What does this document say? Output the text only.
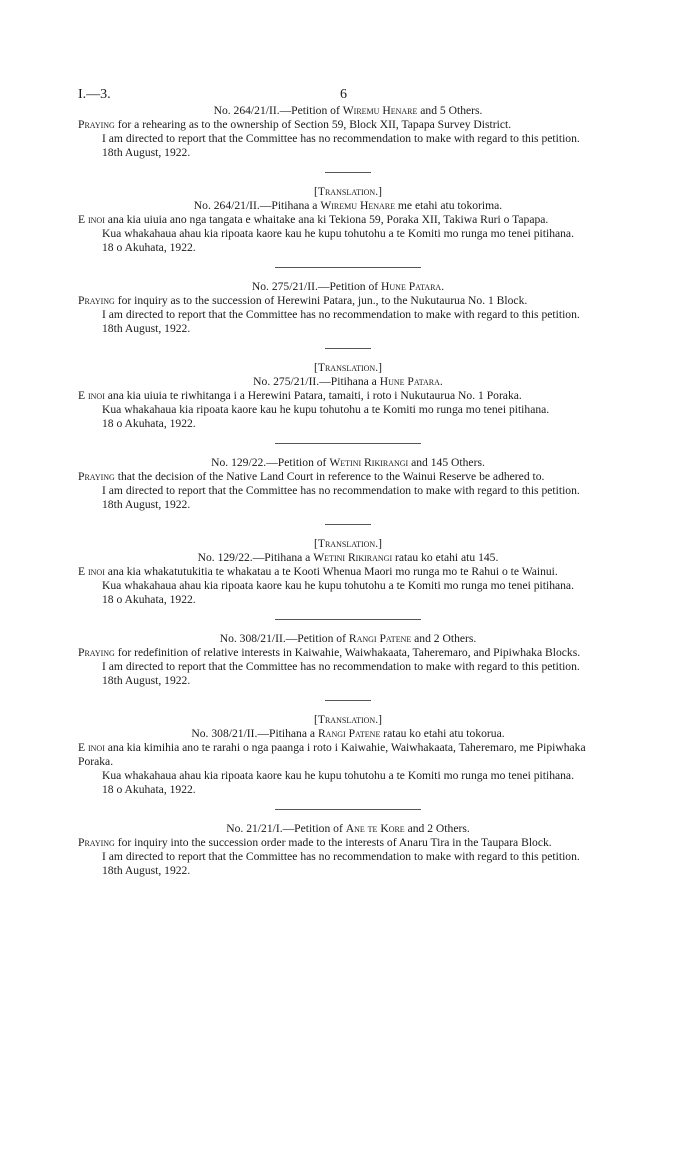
I.—3.	6

No. 264/21/II.—Petition of Wiremu Henare and 5 Others.

Praying for a rehearing as to the ownership of Section 59, Block XII, Tapapa Survey District.

I am directed to report that the Committee has no recommendation to make with regard to this petition.

18th August, 1922.

[Translation.]

No. 264/21/II.—Pitihana a Wiremu Henare me etahi atu tokorima.

E inoi ana kia uiuia ano nga tangata e whaitake ana ki Tekiona 59, Poraka XII, Takiwa Ruri o Tapapa.

Kua whakahaua ahau kia ripoata kaore kau he kupu tohutohu a te Komiti mo runga mo tenei pitihana.

18 o Akuhata, 1922.

No. 275/21/II.—Petition of Hune Patara.

Praying for inquiry as to the succession of Herewini Patara, jun., to the Nukutaurua No. 1 Block.

I am directed to report that the Committee has no recommendation to make with regard to this petition.

18th August, 1922.

[Translation.]

No. 275/21/II.—Pitihana a Hune Patara.

E inoi ana kia uiuia te riwhitanga i a Herewini Patara, tamaiti, i roto i Nukutaurua No. 1 Poraka.

Kua whakahaua kia ripoata kaore kau he kupu tohutohu a te Komiti mo runga mo tenei pitihana.

18 o Akuhata, 1922.

No. 129/22.—Petition of Wetini Rikirangi and 145 Others.

Praying that the decision of the Native Land Court in reference to the Wainui Reserve be adhered to.

I am directed to report that the Committee has no recommendation to make with regard to this petition.

18th August, 1922.

[Translation.]

No. 129/22.—Pitihana a Wetini Rikirangi ratau ko etahi atu 145.

E inoi ana kia whakatutukitia te whakatau a te Kooti Whenua Maori mo runga mo te Rahui o te Wainui.

Kua whakahaua ahau kia ripoata kaore kau he kupu tohutohu a te Komiti mo runga mo tenei pitihana.

18 o Akuhata, 1922.

No. 308/21/II.—Petition of Rangi Patene and 2 Others.

Praying for redefinition of relative interests in Kaiwahie, Waiwhakaata, Taheremaro, and Pipiwhaka Blocks.

I am directed to report that the Committee has no recommendation to make with regard to this petition.

18th August, 1922.

[Translation.]

No. 308/21/II.—Pitihana a Rangi Patene ratau ko etahi atu tokorua.

E inoi ana kia kimihia ano te rarahi o nga paanga i roto i Kaiwahie, Waiwhakaata, Taheremaro, me Pipiwhaka Poraka.

Kua whakahaua ahau kia ripoata kaore kau he kupu tohutohu a te Komiti mo runga mo tenei pitihana.

18 o Akuhata, 1922.

No. 21/21/I.—Petition of Ane te Kore and 2 Others.

Praying for inquiry into the succession order made to the interests of Anaru Tira in the Taupara Block.

I am directed to report that the Committee has no recommendation to make with regard to this petition.

18th August, 1922.
